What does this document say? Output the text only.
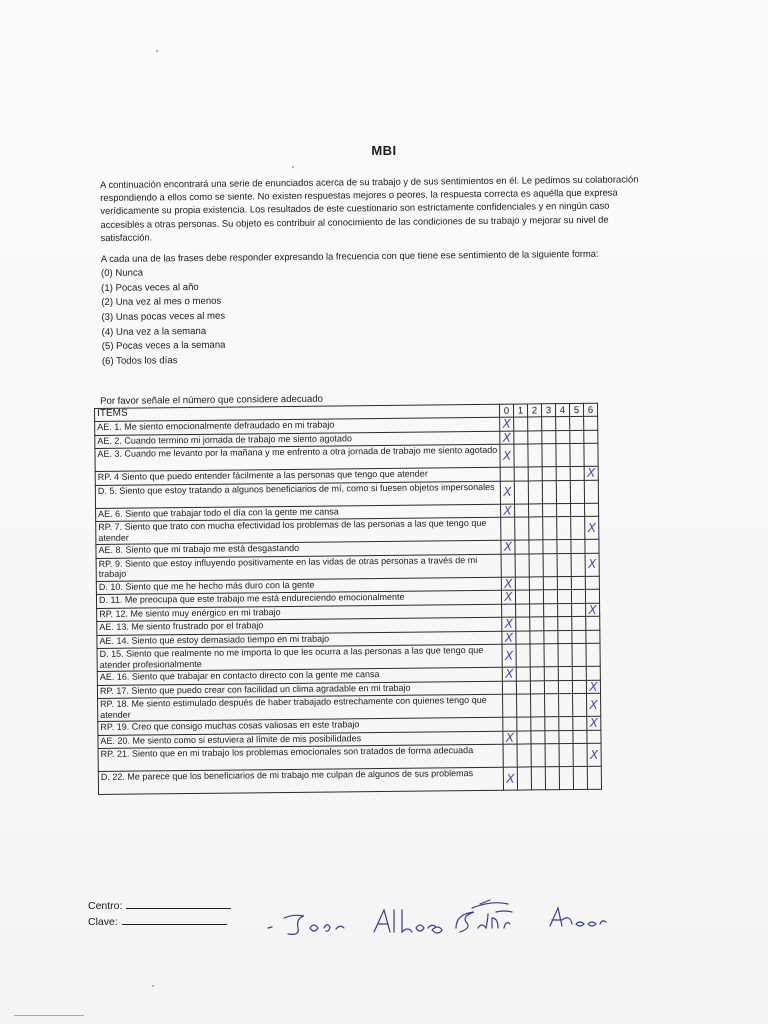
MBI

A continuación encontrará una serie de enunciados acerca de su trabajo y de sus sentimientos en él. Le pedimos su colaboración respondiendo a ellos como se siente. No existen respuestas mejores o peores, la respuesta correcta es aquélla que expresa verídicamente su propia existencia. Los resultados de este cuestionario son estrictamente confidenciales y en ningún caso accesibles a otras personas. Su objeto es contribuir al conocimiento de las condiciones de su trabajo y mejorar su nivel de satisfacción.

A cada una de las frases debe responder expresando la frecuencia con que tiene ese sentimiento de la siguiente forma:

(0) Nunca
(1) Pocas veces al año
(2) Una vez al mes o menos
(3) Unas pocas veces al mes
(4) Una vez a la semana
(5) Pocas veces a la semana
(6) Todos los días
Por favor señale el número que considere adecuado
ITEMS	0	1	2	3	4	5	6
AE. 1. Me siento emocionalmente defraudado en mi trabajo	X						
AE. 2. Cuando termino mi jornada de trabajo me siento agotado	X						
AE. 3. Cuando me levanto por la mañana y me enfrento a otra jornada de trabajo me siento agotado	X						
RP. 4 Siento que puedo entender fácilmente a las personas que tengo que atender							X
D. 5. Siento que estoy tratando a algunos beneficiarios de mí, como si fuesen objetos impersonales	X						
AE. 6. Siento que trabajar todo el día con la gente me cansa	X						
RP. 7. Siento que trato con mucha efectividad los problemas de las personas a las que tengo que atender							X
AE. 8. Siento que mi trabajo me está desgastando	X						
RP. 9. Siento que estoy influyendo positivamente en las vidas de otras personas a través de mi trabajo							X
D. 10. Siento que me he hecho más duro con la gente	X						
D. 11. Me preocupa que este trabajo me está endureciendo emocionalmente	X						
RP. 12. Me siento muy enérgico en mi trabajo							X
AE. 13. Me siento frustrado por el trabajo	X						
AE. 14. Siento que estoy demasiado tiempo en mi trabajo	X						
D. 15. Siento que realmente no me importa lo que les ocurra a las personas a las que tengo que atender profesionalmente	X						
AE. 16. Siento que trabajar en contacto directo con la gente me cansa	X						
RP. 17. Siento que puedo crear con facilidad un clima agradable en mi trabajo							X
RP. 18. Me siento estimulado después de haber trabajado estrechamente con quienes tengo que atender							X
RP. 19. Creo que consigo muchas cosas valiosas en este trabajo							X
AE. 20. Me siento como si estuviera al límite de mis posibilidades	X						
RP. 21. Siento que en mi trabajo los problemas emocionales son tratados de forma adecuada							X
D. 22. Me parece que los beneficiarios de mi trabajo me culpan de algunos de sus problemas	X						
Centro:
Clave:
